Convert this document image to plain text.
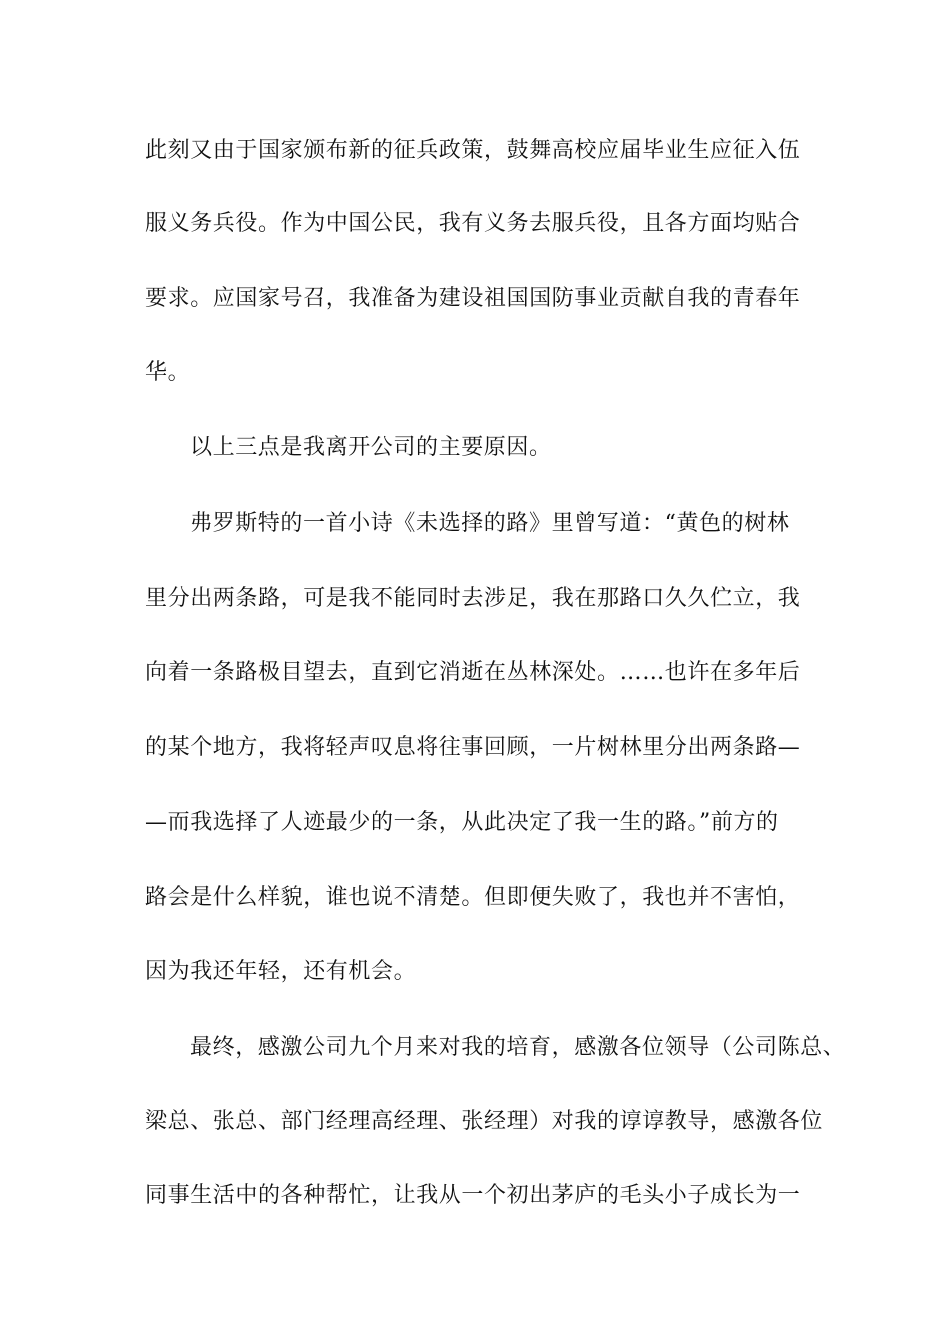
此刻又由于国家颁布新的征兵政策，鼓舞高校应届毕业生应征入伍
服义务兵役。作为中国公民，我有义务去服兵役，且各方面均贴合
要求。应国家号召，我准备为建设祖国国防事业贡献自我的青春年
华。
以上三点是我离开公司的主要原因。
弗罗斯特的一首小诗《未选择的路》里曾写道：“黄色的树林
里分出两条路，可是我不能同时去涉足，我在那路口久久伫立，我
向着一条路极目望去，直到它消逝在丛林深处。……也许在多年后
的某个地方，我将轻声叹息将往事回顾，一片树林里分出两条路—
—而我选择了人迹最少的一条，从此决定了我一生的路。”前方的
路会是什么样貌，谁也说不清楚。但即便失败了，我也并不害怕，
因为我还年轻，还有机会。
最终，感激公司九个月来对我的培育，感激各位领导（公司陈总、
梁总、张总、部门经理高经理、张经理）对我的谆谆教导，感激各位
同事生活中的各种帮忙，让我从一个初出茅庐的毛头小子成长为一
